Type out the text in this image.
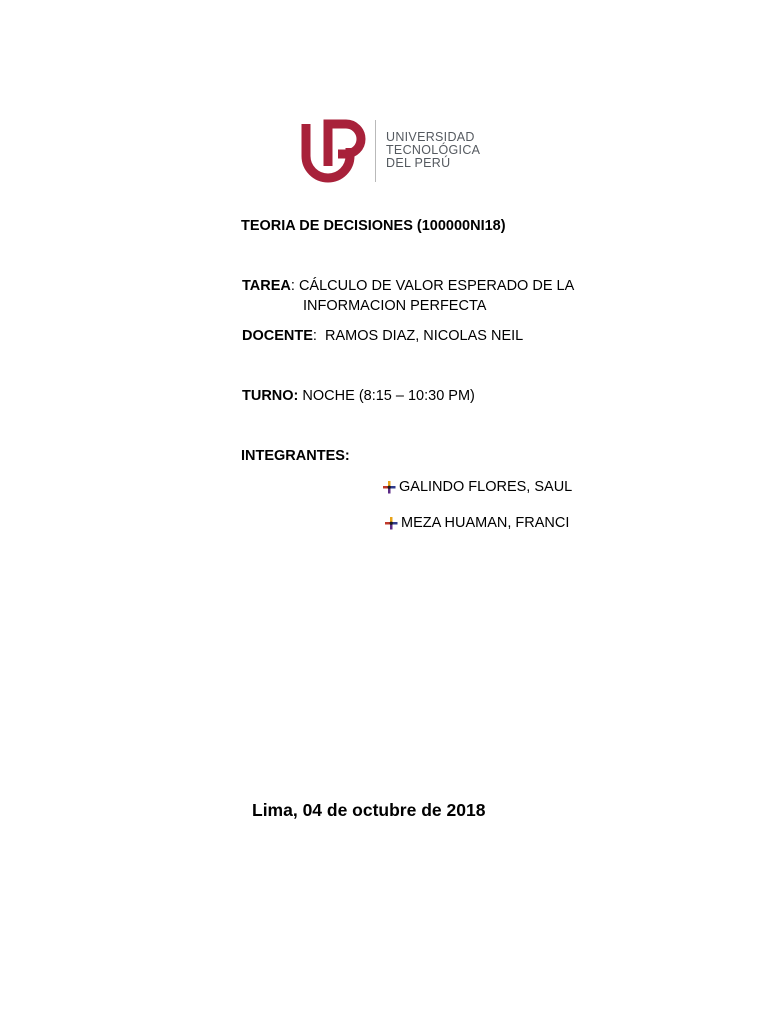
UNIVERSIDAD
TECNOLÓGICA
DEL PERÚ
TEORIA DE DECISIONES (100000NI18)
TAREA: CÁLCULO DE VALOR ESPERADO DE LA
INFORMACION PERFECTA
DOCENTE:  RAMOS DIAZ, NICOLAS NEIL
TURNO: NOCHE (8:15 – 10:30 PM)
INTEGRANTES:
GALINDO FLORES, SAUL
MEZA HUAMAN, FRANCI
Lima, 04 de octubre de 2018
